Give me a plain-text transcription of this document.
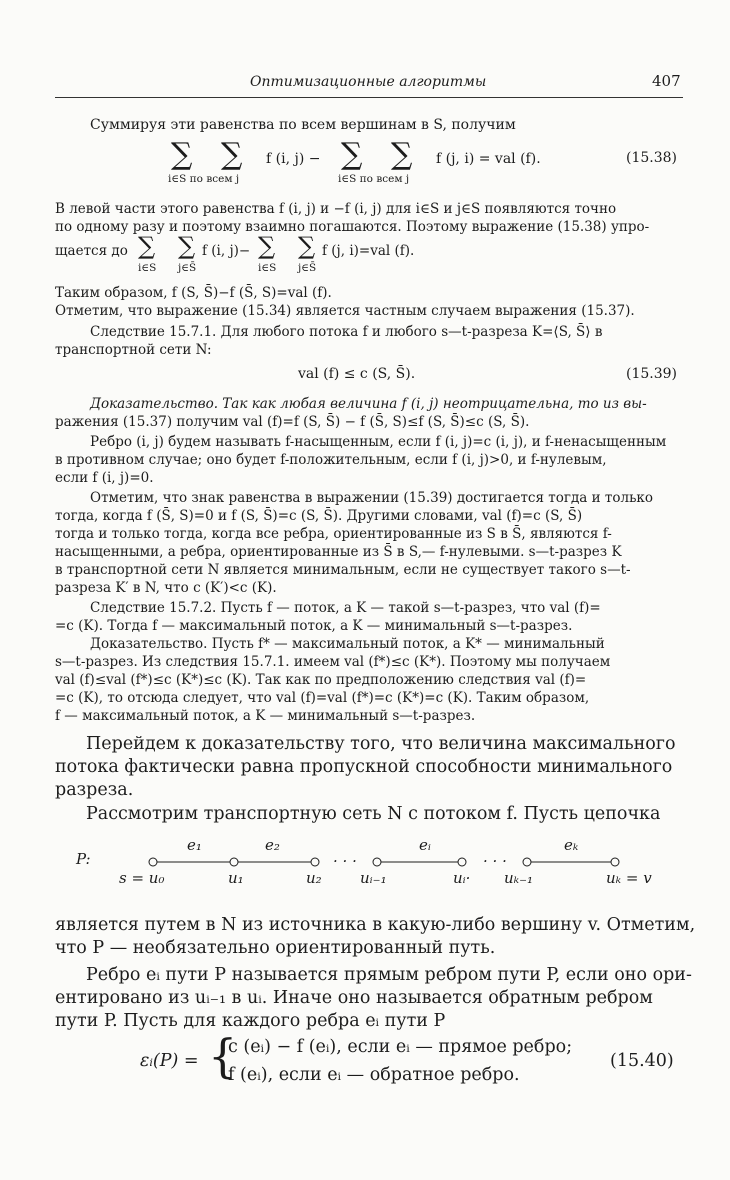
Оптимизационные алгоритмы	407
Суммируя эти равенства по всем вершинам в S, получим
∑ ∑
i∈S по всем j
f (i, j) − ∑ ∑
i∈S по всем j
f (j, i) = val (f).	(15.38)
В левой части этого равенства f (i, j) и −f (i, j) для i∈S и j∈S появляются точно
по одному разу и поэтому взаимно погашаются. Поэтому выражение (15.38) упро-
щается до ∑ ∑
i∈S j∈S̄
f (i, j)− ∑ ∑
i∈S j∈S̄
f (j, i)=val (f).
Таким образом, f (S, S̄)−f (S̄, S)=val (f).
Отметим, что выражение (15.34) является частным случаем выражения (15.37).
Следствие 15.7.1. Для любого потока f и любого s—t-разреза K=⟨S, S̄⟩ в
транспортной сети N:
val (f) ≤ c (S, S̄).	(15.39)
Доказательство. Так как любая величина f (i, j) неотрицательна, то из вы-
ражения (15.37) получим val (f)=f (S, S̄) − f (S̄, S)≤f (S, S̄)≤c (S, S̄).
Ребро (i, j) будем называть f-насыщенным, если f (i, j)=c (i, j), и f-ненасыщенным
в противном случае; оно будет f-положительным, если f (i, j)>0, и f-нулевым,
если f (i, j)=0.
Отметим, что знак равенства в выражении (15.39) достигается тогда и только
тогда, когда f (S̄, S)=0 и f (S, S̄)=c (S, S̄). Другими словами, val (f)=c (S, S̄)
тогда и только тогда, когда все ребра, ориентированные из S в S̄, являются f-
насыщенными, а ребра, ориентированные из S̄ в S,— f-нулевыми. s—t-разрез K
в транспортной сети N является минимальным, если не существует такого s—t-
разреза K′ в N, что c (K′)<c (K).
Следствие 15.7.2. Пусть f — поток, а K — такой s—t-разрез, что val (f)=
=c (K). Тогда f — максимальный поток, а K — минимальный s—t-разрез.
Доказательство. Пусть f* — максимальный поток, а K* — минимальный
s—t-разрез. Из следствия 15.7.1. имеем val (f*)≤c (K*). Поэтому мы получаем
val (f)≤val (f*)≤c (K*)≤c (K). Так как по предположению следствия val (f)=
=c (K), то отсюда следует, что val (f)=val (f*)=c (K*)=c (K). Таким образом,
f — максимальный поток, а K — минимальный s—t-разрез.
Перейдем к доказательству того, что величина максимального
потока фактически равна пропускной способности минимального
разреза.
Рассмотрим транспортную сеть N с потоком f. Пусть цепочка
P:
e₁	e₂	eᵢ	eₖ
· · ·	· · ·
s = u₀	u₁	u₂	uᵢ₋₁	uᵢ· uₖ₋₁	uₖ = v
является путем в N из источника в какую-либо вершину v. Отметим,
что P — необязательно ориентированный путь.
Ребро eᵢ пути P называется прямым ребром пути P, если оно ори-
ентировано из uᵢ₋₁ в uᵢ. Иначе оно называется обратным ребром
пути P. Пусть для каждого ребра eᵢ пути P
εᵢ(P) = {
c (eᵢ) − f (eᵢ), если eᵢ — прямое ребро;
f (eᵢ), если eᵢ — обратное ребро.
(15.40)
